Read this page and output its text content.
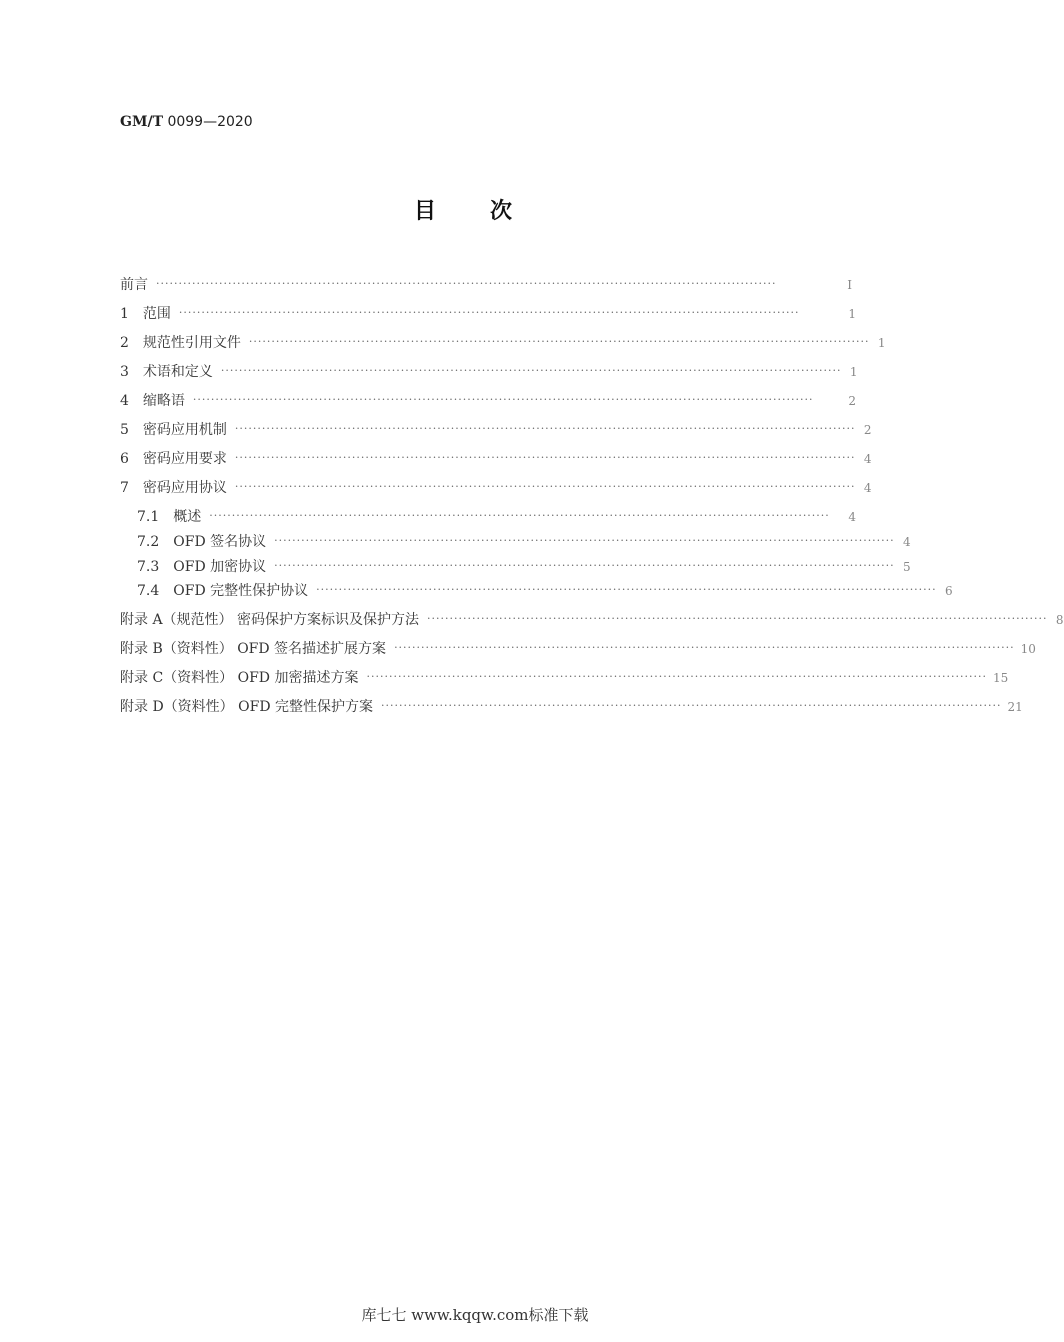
GM/T 0099—2020
目次
前言 ··········································································································································	I
1 范围 ··········································································································································	1
2 规范性引用文件 ·········································································································································· 1
3 术语和定义 ·········································································································································· 1
4 缩略语 ··········································································································································	2
5 密码应用机制 ·········································································································································· 2
6 密码应用要求 ·········································································································································· 4
7 密码应用协议 ·········································································································································· 4
7.1 概述 ··········································································································································	4
7.2 OFD 签名协议 ·········································································································································· 4
7.3 OFD 加密协议 ·········································································································································· 5
7.4 OFD 完整性保护协议 ·········································································································································· 6
附录 A（规范性） 密码保护方案标识及保护方法 ·········································································································································· 8
附录 B（资料性） OFD 签名描述扩展方案 ·········································································································································· 10
附录 C（资料性） OFD 加密描述方案 ·········································································································································· 15
附录 D（资料性） OFD 完整性保护方案 ·········································································································································· 21
库七七 www.kqqw.com标准下载
